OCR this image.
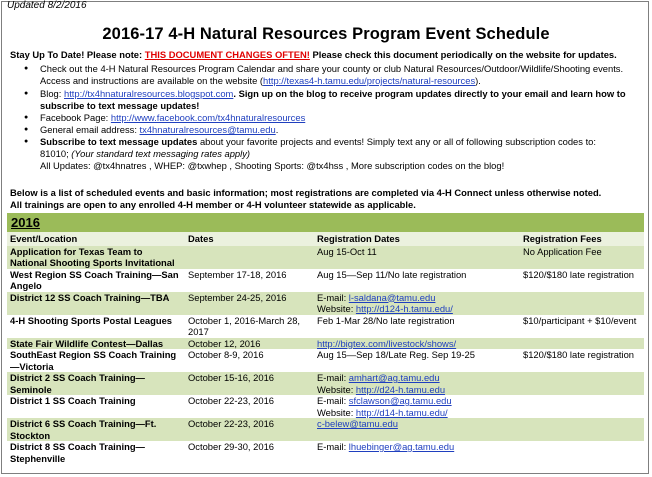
Updated 8/2/2016
2016-17 4-H Natural Resources Program Event Schedule
Stay Up To Date! Please note: THIS DOCUMENT CHANGES OFTEN! Please check this document periodically on the website for updates.
● Check out the 4-H Natural Resources Program Calendar and share your county or club Natural Resources/Outdoor/Wildlife/Shooting events.
Access and instructions are available on the website (http://texas4-h.tamu.edu/projects/natural-resources).
● Blog: http://tx4hnaturalresources.blogspot.com. Sign up on the blog to receive program updates directly to your email and learn how to subscribe to text message updates!
● Facebook Page: http://www.facebook.com/tx4hnaturalresources
● General email address: tx4hnaturalresources@tamu.edu.
● Subscribe to text message updates about your favorite projects and events! Simply text any or all of following subscription codes to:
81010; (Your standard text messaging rates apply)
All Updates: @tx4hnatres , WHEP: @txwhep , Shooting Sports: @tx4hss , More subscription codes on the blog!
Below is a list of scheduled events and basic information; most registrations are completed via 4-H Connect unless otherwise noted.
All trainings are open to any enrolled 4-H member or 4-H volunteer statewide as applicable.
2016			
Event/Location	Dates	Registration Dates	Registration Fees
Application for Texas Team to National Shooting Sports Invitational		Aug 15-Oct 11	No Application Fee
West Region SS Coach Training—San Angelo	September 17-18, 2016	Aug 15—Sep 11/No late registration	$120/$180 late registration
District 12 SS Coach Training—TBA	September 24-25, 2016	E-mail: l-saldana@tamu.edu
Website: http://d124-h.tamu.edu/	

4-H Shooting Sports Postal Leagues	October 1, 2016-March 28, 2017	Feb 1-Mar 28/No late registration	$10/participant + $10/event
State Fair Wildlife Contest—Dallas	October 12, 2016	http://bigtex.com/livestock/shows/	
SouthEast Region SS Coach Training—Victoria	October 8-9, 2016	Aug 15—Sep 18/Late Reg. Sep 19-25	$120/$180 late registration
District 2 SS Coach Training—Seminole	October 15-16, 2016	E-mail: amhart@ag.tamu.edu
Website: http://d24-h.tamu.edu	

District 1 SS Coach Training	October 22-23, 2016	E-mail: sfclawson@ag.tamu.edu
Website: http://d14-h.tamu.edu/	

District 6 SS Coach Training—Ft. Stockton	October 22-23, 2016	c-belew@tamu.edu	
District 8 SS Coach Training—Stephenville	October 29-30, 2016	E-mail: lhuebinger@ag.tamu.edu	
